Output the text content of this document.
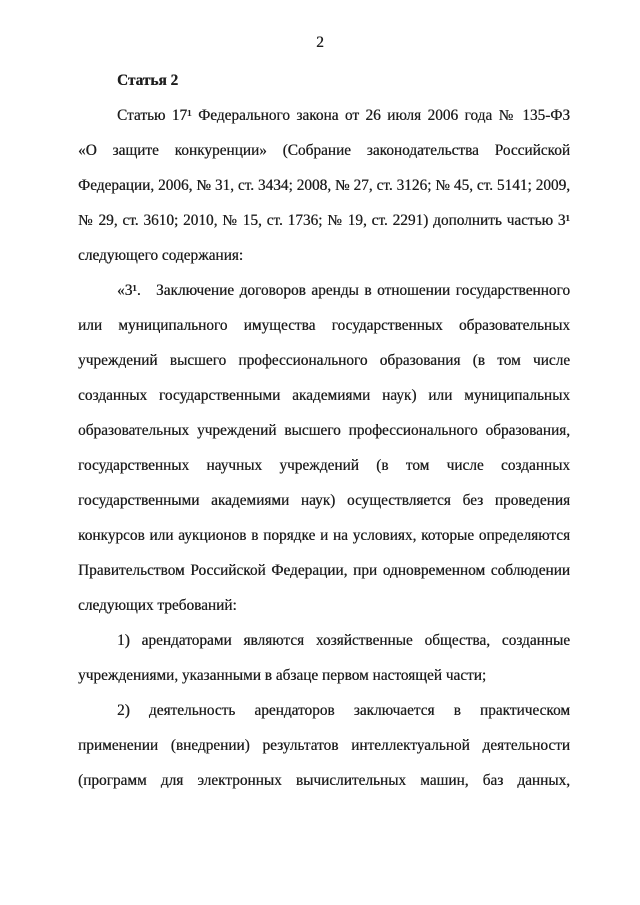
2
Статья 2
Статью 17¹ Федерального закона от 26 июля 2006 года № 135-ФЗ
«О защите конкуренции» (Собрание законодательства Российской
Федерации, 2006, № 31, ст. 3434; 2008, № 27, ст. 3126; № 45, ст. 5141; 2009,
№ 29, ст. 3610; 2010, № 15, ст. 1736; № 19, ст. 2291) дополнить частью 3¹
следующего содержания:
«3¹. Заключение договоров аренды в отношении государственного
или муниципального имущества государственных образовательных
учреждений высшего профессионального образования (в том числе
созданных государственными академиями наук) или муниципальных
образовательных учреждений высшего профессионального образования,
государственных научных учреждений (в том числе созданных
государственными академиями наук) осуществляется без проведения
конкурсов или аукционов в порядке и на условиях, которые определяются
Правительством Российской Федерации, при одновременном соблюдении
следующих требований:
1) арендаторами являются хозяйственные общества, созданные
учреждениями, указанными в абзаце первом настоящей части;
2) деятельность арендаторов заключается в практическом
применении (внедрении) результатов интеллектуальной деятельности
(программ для электронных вычислительных машин, баз данных,
